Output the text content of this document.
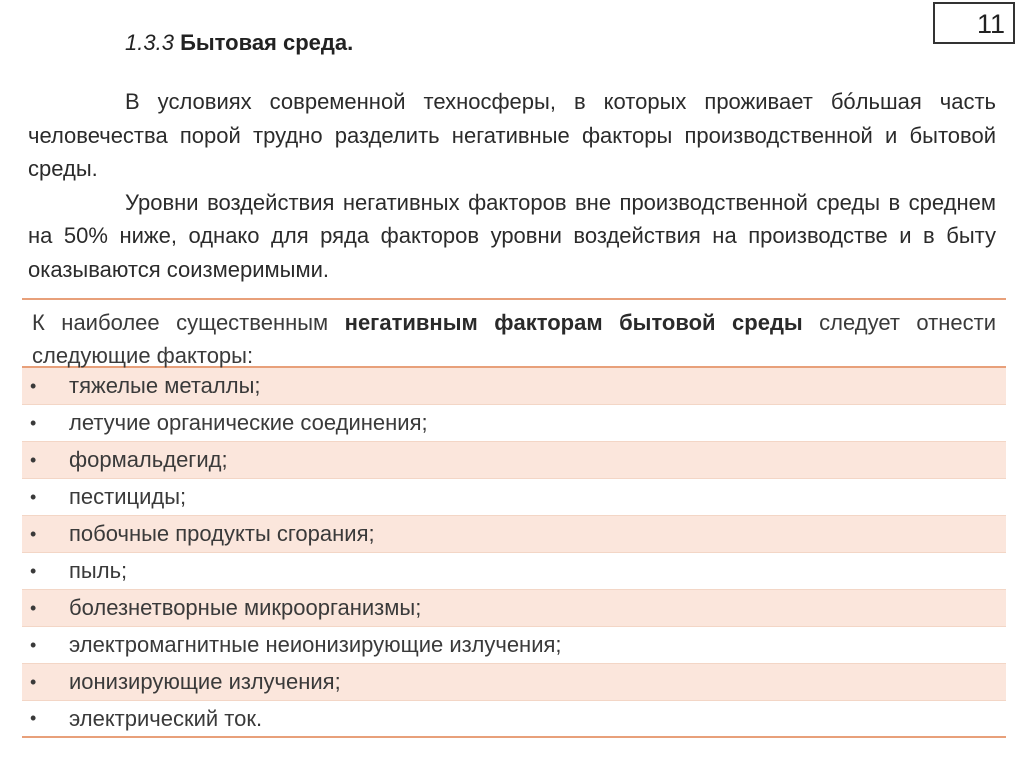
11
1.3.3 Бытовая среда.

В условиях современной техносферы, в которых проживает бóльшая часть человечества порой трудно разделить негативные факторы производственной и бытовой среды.

Уровни воздействия негативных факторов вне производственной среды в среднем на 50% ниже, однако для ряда факторов уровни воздействия на производстве и в быту оказываются соизмеримыми.

К наиболее существенным негативным факторам бытовой среды следует отнести следующие факторы:
•	тяжелые металлы;
•	летучие органические соединения;
•	формальдегид;
•	пестициды;
•	побочные продукты сгорания;
•	пыль;
•	болезнетворные микроорганизмы;
•	электромагнитные неионизирующие излучения;
•	ионизирующие излучения;
•	электрический ток.
